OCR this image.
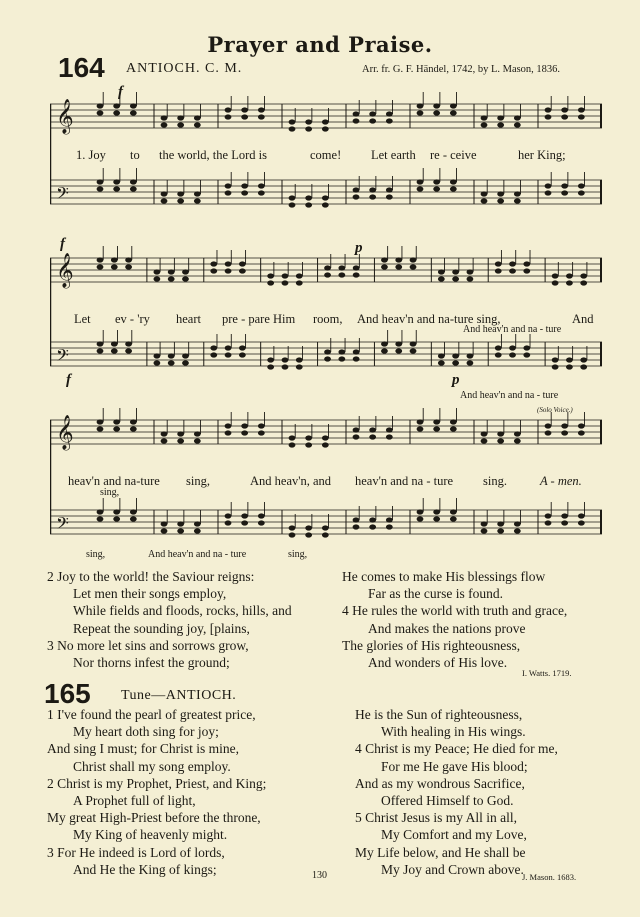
Prayer and Praise.
164 ANTIOCH. C. M.	Arr. fr. G. F. Händel, 1742, by L. Mason, 1836.
𝄞
𝄢
𝄞
𝄢
𝄞
𝄢
f
1. Joy to the world, the Lord is	come! Let earth re - ceive	her King;
f
f
p
p
Let ev - 'ry heart pre - pare Him room, And heav'n and na-ture sing,	And
And heav'n and na - ture
And heav'n and na - ture
(Solo Voice.)
heav'n and na-ture sing,	And heav'n, and heav'n and na - ture sing.	A - men.
sing,
sing,	And heav'n and na - ture	sing,
2 Joy to the world! the Saviour reigns:
Let men their songs employ,
While fields and floods, rocks, hills, and
Repeat the sounding joy, [plains,
3 No more let sins and sorrows grow,
Nor thorns infest the ground;
He comes to make His blessings flow
Far as the curse is found.
4 He rules the world with truth and grace,
And makes the nations prove
The glories of His righteousness,
And wonders of His love.
I. Watts. 1719.
165 Tune—ANTIOCH.
1 I've found the pearl of greatest price,
My heart doth sing for joy;
And sing I must; for Christ is mine,
Christ shall my song employ.
2 Christ is my Prophet, Priest, and King;
A Prophet full of light,
My great High-Priest before the throne,
My King of heavenly might.
3 For He indeed is Lord of lords,
And He the King of kings;
He is the Sun of righteousness,
With healing in His wings.
4 Christ is my Peace; He died for me,
For me He gave His blood;
And as my wondrous Sacrifice,
Offered Himself to God.
5 Christ Jesus is my All in all,
My Comfort and my Love,
My Life below, and He shall be
My Joy and Crown above.
J. Mason. 1683.
130
